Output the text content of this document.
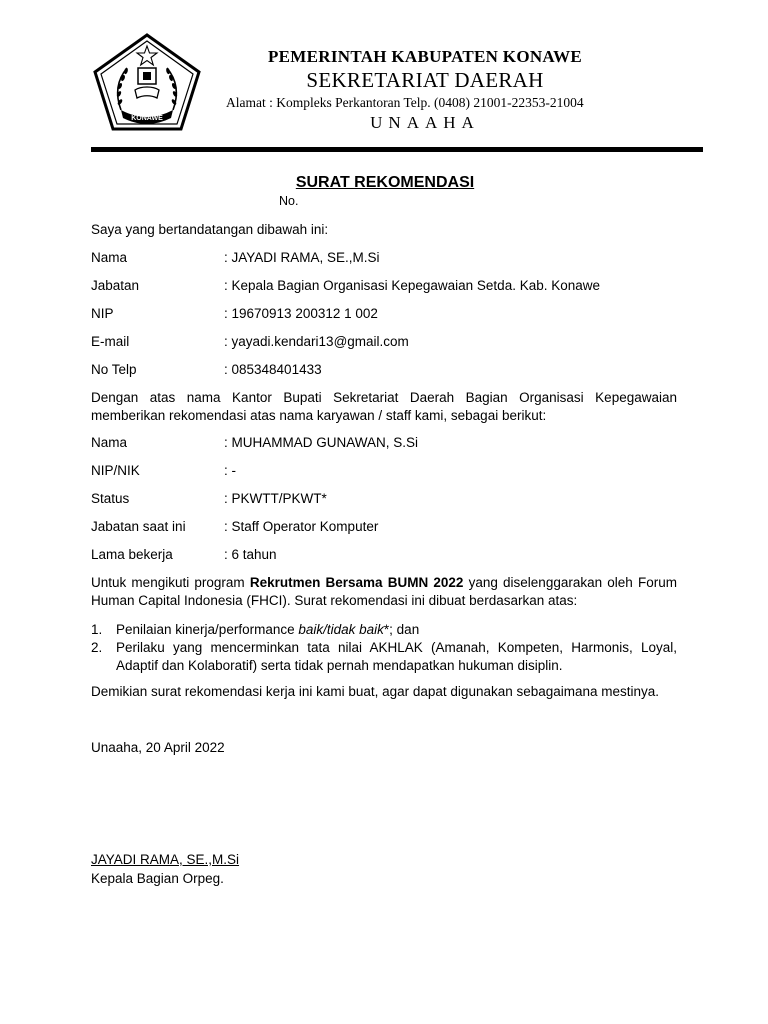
KONAWE
PEMERINTAH KABUPATEN KONAWE
SEKRETARIAT DAERAH
Alamat : Kompleks Perkantoran Telp. (0408) 21001-22353-21004
UNAAHA
SURAT REKOMENDASI
No.
Saya yang bertandatangan dibawah ini:
Nama	: JAYADI RAMA, SE.,M.Si
Jabatan	: Kepala Bagian Organisasi Kepegawaian Setda. Kab. Konawe
NIP	: 19670913 200312 1 002
E-mail	: yayadi.kendari13@gmail.com
No Telp	: 085348401433
Dengan atas nama Kantor Bupati Sekretariat Daerah Bagian Organisasi Kepegawaian memberikan rekomendasi atas nama karyawan / staff kami, sebagai berikut:
Nama	: MUHAMMAD GUNAWAN, S.Si
NIP/NIK	: -
Status	: PKWTT/PKWT*
Jabatan saat ini	: Staff Operator Komputer
Lama bekerja	: 6 tahun
Untuk mengikuti program Rekrutmen Bersama BUMN 2022 yang diselenggarakan oleh Forum Human Capital Indonesia (FHCI). Surat rekomendasi ini dibuat berdasarkan atas:
1.	Penilaian kinerja/performance baik/tidak baik*; dan
2.	Perilaku yang mencerminkan tata nilai AKHLAK (Amanah, Kompeten, Harmonis, Loyal, Adaptif dan Kolaboratif) serta tidak pernah mendapatkan hukuman disiplin.
Demikian surat rekomendasi kerja ini kami buat, agar dapat digunakan sebagaimana mestinya.
Unaaha, 20 April 2022
JAYADI RAMA, SE.,M.Si
Kepala Bagian Orpeg.
